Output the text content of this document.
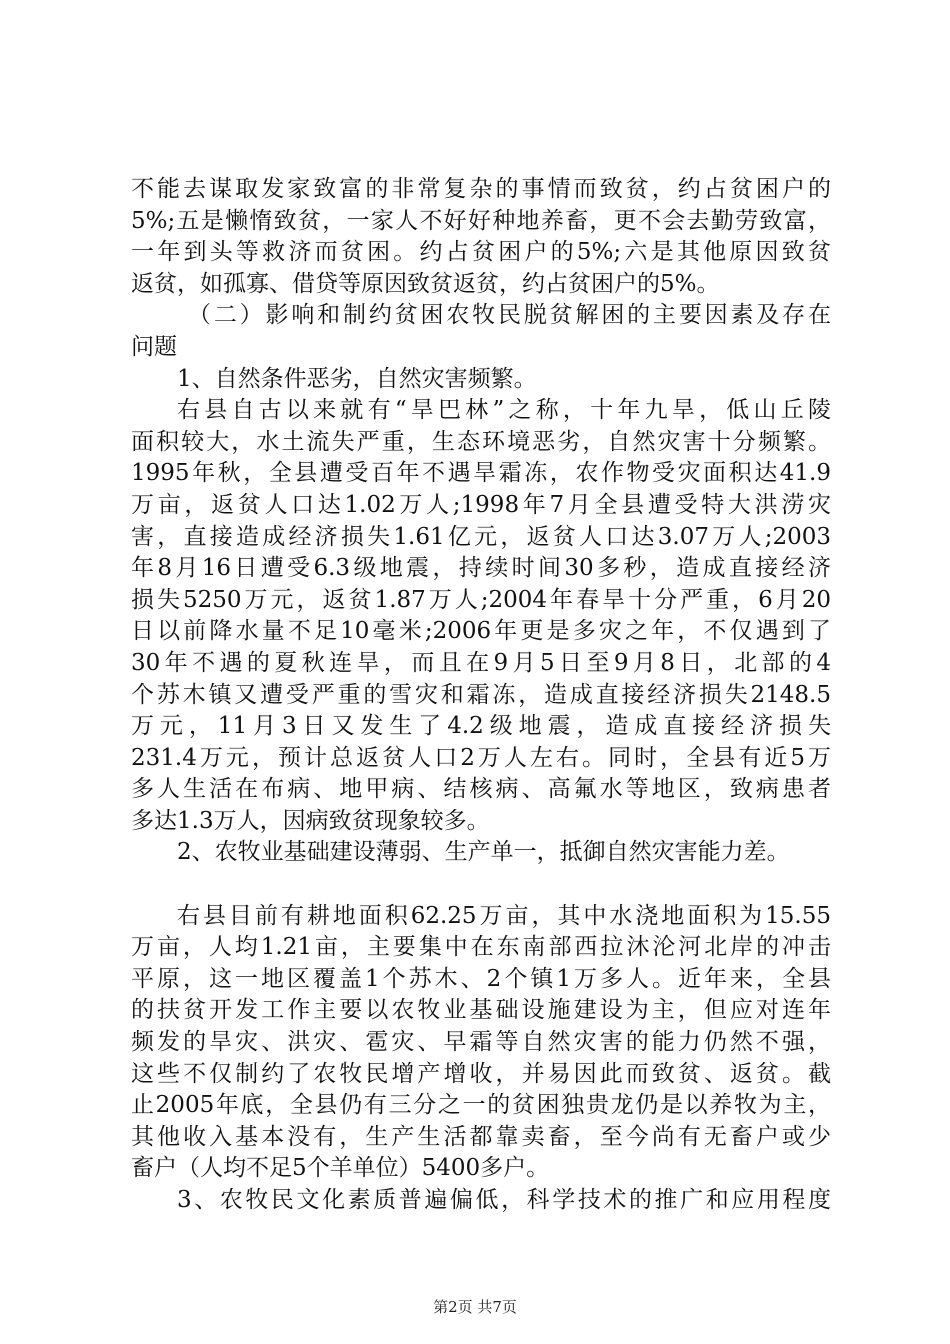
不能去谋取发家致富的非常复杂的事情而致贫，约占贫困户的
5%;五是懒惰致贫，一家人不好好种地养畜，更不会去勤劳致富，
一年到头等救济而贫困。约占贫困户的5%;六是其他原因致贫
返贫，如孤寡、借贷等原因致贫返贫，约占贫困户的5%。
（二）影响和制约贫困农牧民脱贫解困的主要因素及存在
问题
1、自然条件恶劣，自然灾害频繁。
右县自古以来就有“旱巴林”之称，十年九旱，低山丘陵
面积较大，水土流失严重，生态环境恶劣，自然灾害十分频繁。
1995年秋，全县遭受百年不遇旱霜冻，农作物受灾面积达41.9
万亩，返贫人口达1.02万人;1998年7月全县遭受特大洪涝灾
害，直接造成经济损失1.61亿元，返贫人口达3.07万人;2003
年8月16日遭受6.3级地震，持续时间30多秒，造成直接经济
损失5250万元，返贫1.87万人;2004年春旱十分严重，6月20
日以前降水量不足10毫米;2006年更是多灾之年，不仅遇到了
30年不遇的夏秋连旱，而且在9月5日至9月8日，北部的4
个苏木镇又遭受严重的雪灾和霜冻，造成直接经济损失2148.5
万元，11月3日又发生了4.2级地震，造成直接经济损失
231.4万元，预计总返贫人口2万人左右。同时，全县有近5万
多人生活在布病、地甲病、结核病、高氟水等地区，致病患者
多达1.3万人，因病致贫现象较多。
2、农牧业基础建设薄弱、生产单一，抵御自然灾害能力差。
右县目前有耕地面积62.25万亩，其中水浇地面积为15.55
万亩，人均1.21亩，主要集中在东南部西拉沐沦河北岸的冲击
平原，这一地区覆盖1个苏木、2个镇1万多人。近年来，全县
的扶贫开发工作主要以农牧业基础设施建设为主，但应对连年
频发的旱灾、洪灾、雹灾、早霜等自然灾害的能力仍然不强，
这些不仅制约了农牧民增产增收，并易因此而致贫、返贫。截
止2005年底，全县仍有三分之一的贫困独贵龙仍是以养牧为主，
其他收入基本没有，生产生活都靠卖畜，至今尚有无畜户或少
畜户（人均不足5个羊单位）5400多户。
3、农牧民文化素质普遍偏低，科学技术的推广和应用程度
第2页 共7页
